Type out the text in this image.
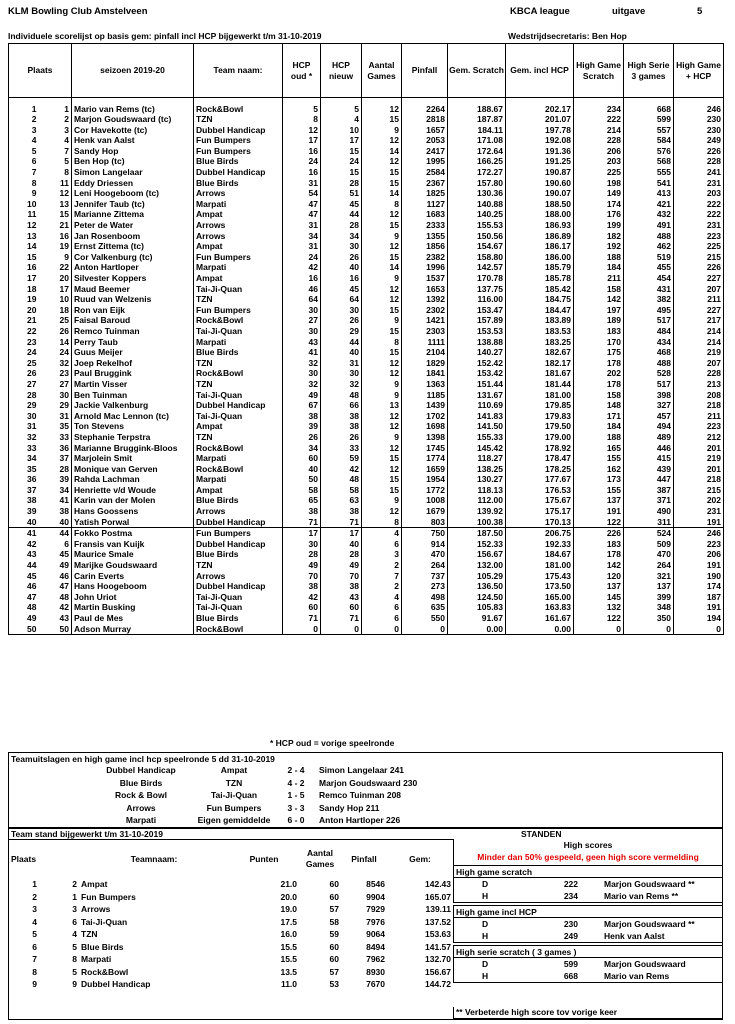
KLM Bowling Club Amstelveen	KBCA league	uitgave	5
Individuele scorelijst op basis gem: pinfall incl HCP bijgewerkt t/m 31-10-2019	Wedstrijdsecretaris: Ben Hop
Plaats		seizoen 2019-20	Team naam:	HCP oud *	HCP nieuw	Aantal Games	Pinfall	Gem. Scratch	Gem. incl HCP	High Game Scratch	High Serie 3 games	High Game + HCP

1	1	Mario van Rems (tc)	Rock&Bowl	5	5	12	2264	188.67	202.17	234	668	246
2	2	Marjon Goudswaard (tc)	TZN	8	4	15	2818	187.87	201.07	222	599	230
3	3	Cor Havekotte (tc)	Dubbel Handicap	12	10	9	1657	184.11	197.78	214	557	230
4	4	Henk van Aalst	Fun Bumpers	17	17	12	2053	171.08	192.08	228	584	249
5	7	Sandy Hop	Fun Bumpers	16	15	14	2417	172.64	191.36	206	576	226
6	5	Ben Hop (tc)	Blue Birds	24	24	12	1995	166.25	191.25	203	568	228
7	8	Simon Langelaar	Dubbel Handicap	16	15	15	2584	172.27	190.87	225	555	241
8	11	Eddy Driessen	Blue Birds	31	28	15	2367	157.80	190.60	198	541	231
9	12	Leni Hoogeboom (tc)	Arrows	54	51	14	1825	130.36	190.07	149	413	203
10	13	Jennifer Taub (tc)	Marpati	47	45	8	1127	140.88	188.50	174	421	222
11	15	Marianne Zittema	Ampat	47	44	12	1683	140.25	188.00	176	432	222
12	21	Peter de Water	Arrows	31	28	15	2333	155.53	186.93	199	491	231
13	16	Jan Rosenboom	Arrows	34	34	9	1355	150.56	186.89	182	488	223
14	19	Ernst Zittema (tc)	Ampat	31	30	12	1856	154.67	186.17	192	462	225
15	9	Cor Valkenburg (tc)	Fun Bumpers	24	26	15	2382	158.80	186.00	188	519	215
16	22	Anton Hartloper	Marpati	42	40	14	1996	142.57	185.79	184	455	226
17	20	Silvester Koppers	Ampat	16	16	9	1537	170.78	185.78	211	454	227
18	17	Maud Beemer	Tai-Ji-Quan	46	45	12	1653	137.75	185.42	158	431	207
19	10	Ruud van Welzenis	TZN	64	64	12	1392	116.00	184.75	142	382	211
20	18	Ron van Eijk	Fun Bumpers	30	30	15	2302	153.47	184.47	197	495	227
21	25	Faisal Baroud	Rock&Bowl	27	26	9	1421	157.89	183.89	189	517	217
22	26	Remco Tuinman	Tai-Ji-Quan	30	29	15	2303	153.53	183.53	183	484	214
23	14	Perry Taub	Marpati	43	44	8	1111	138.88	183.25	170	434	214
24	24	Guus Meijer	Blue Birds	41	40	15	2104	140.27	182.67	175	468	219
25	32	Joep Rekelhof	TZN	32	31	12	1829	152.42	182.17	178	488	207
26	23	Paul Bruggink	Rock&Bowl	30	30	12	1841	153.42	181.67	202	528	228
27	27	Martin Visser	TZN	32	32	9	1363	151.44	181.44	178	517	213
28	30	Ben Tuinman	Tai-Ji-Quan	49	48	9	1185	131.67	181.00	158	398	208
29	29	Jackie Valkenburg	Dubbel Handicap	67	66	13	1439	110.69	179.85	148	327	218
30	31	Arnold Mac Lennon (tc)	Tai-Ji-Quan	38	38	12	1702	141.83	179.83	171	457	211
31	35	Ton Stevens	Ampat	39	38	12	1698	141.50	179.50	184	494	223
32	33	Stephanie Terpstra	TZN	26	26	9	1398	155.33	179.00	188	489	212
33	36	Marianne Bruggink-Bloos	Rock&Bowl	34	33	12	1745	145.42	178.92	165	446	201
34	37	Marjolein Smit	Marpati	60	59	15	1774	118.27	178.47	155	415	219
35	28	Monique van Gerven	Rock&Bowl	40	42	12	1659	138.25	178.25	162	439	201
36	39	Rahda Lachman	Marpati	50	48	15	1954	130.27	177.67	173	447	218
37	34	Henriette v/d Woude	Ampat	58	58	15	1772	118.13	176.53	155	387	215
38	41	Karin van der Molen	Blue Birds	65	63	9	1008	112.00	175.67	137	371	202
39	38	Hans Goossens	Arrows	38	38	12	1679	139.92	175.17	191	490	231
40	40	Yatish Porwal	Dubbel Handicap	71	71	8	803	100.38	170.13	122	311	191
41	44	Fokko Postma	Fun Bumpers	17	17	4	750	187.50	206.75	226	524	246
42	6	Fransis van Kuijk	Dubbel Handicap	30	40	6	914	152.33	192.33	183	509	223
43	45	Maurice Smale	Blue Birds	28	28	3	470	156.67	184.67	178	470	206
44	49	Marijke Goudswaard	TZN	49	49	2	264	132.00	181.00	142	264	191
45	46	Carin Everts	Arrows	70	70	7	737	105.29	175.43	120	321	190
46	47	Hans Hoogeboom	Dubbel Handicap	38	38	2	273	136.50	173.50	137	137	174
47	48	John Uriot	Tai-Ji-Quan	42	43	4	498	124.50	165.00	145	399	187
48	42	Martin Busking	Tai-Ji-Quan	60	60	6	635	105.83	163.83	132	348	191
49	43	Paul de Mes	Blue Birds	71	71	6	550	91.67	161.67	122	350	194
50	50	Adson Murray	Rock&Bowl	0	0	0	0	0.00	0.00	0	0	0
* HCP oud = vorige speelronde
Teamuitslagen en high game incl hcp speelronde 5 dd 31-10-2019
Dubbel Handicap	Ampat	2 - 4	Simon Langelaar 241
Blue Birds	TZN	4 - 2	Marjon Goudswaard 230
Rock & Bowl	Tai-Ji-Quan	1 - 5	Remco Tuinman 208
Arrows	Fun Bumpers	3 - 3	Sandy Hop 211
Marpati	Eigen gemiddelde	6 - 0	Anton Hartloper 226
Team stand bijgewerkt t/m 31-10-2019	STANDEN
Plaats		Teamnaam:	Punten	Aantal Games	Pinfall	Gem:
1	2	Ampat	21.0	60	8546	142.43
2	1	Fun Bumpers	20.0	60	9904	165.07
3	3	Arrows	19.0	57	7929	139.11
4	6	Tai-Ji-Quan	17.5	58	7976	137.52
5	4	TZN	16.0	59	9064	153.63
6	5	Blue Birds	15.5	60	8494	141.57
7	8	Marpati	15.5	60	7962	132.70
8	5	Rock&Bowl	13.5	57	8930	156.67
9	9	Dubbel Handicap	11.0	53	7670	144.72
High scores
Minder dan 50% gespeeld, geen high score vermelding
High game scratch
D	222	Marjon Goudswaard **
H	234	Mario van Rems **
High game incl HCP
D	230	Marjon Goudswaard **
H	249	Henk van Aalst
High serie scratch ( 3 games )
D	599	Marjon Goudswaard
H	668	Mario van Rems
** Verbeterde high score tov vorige keer
